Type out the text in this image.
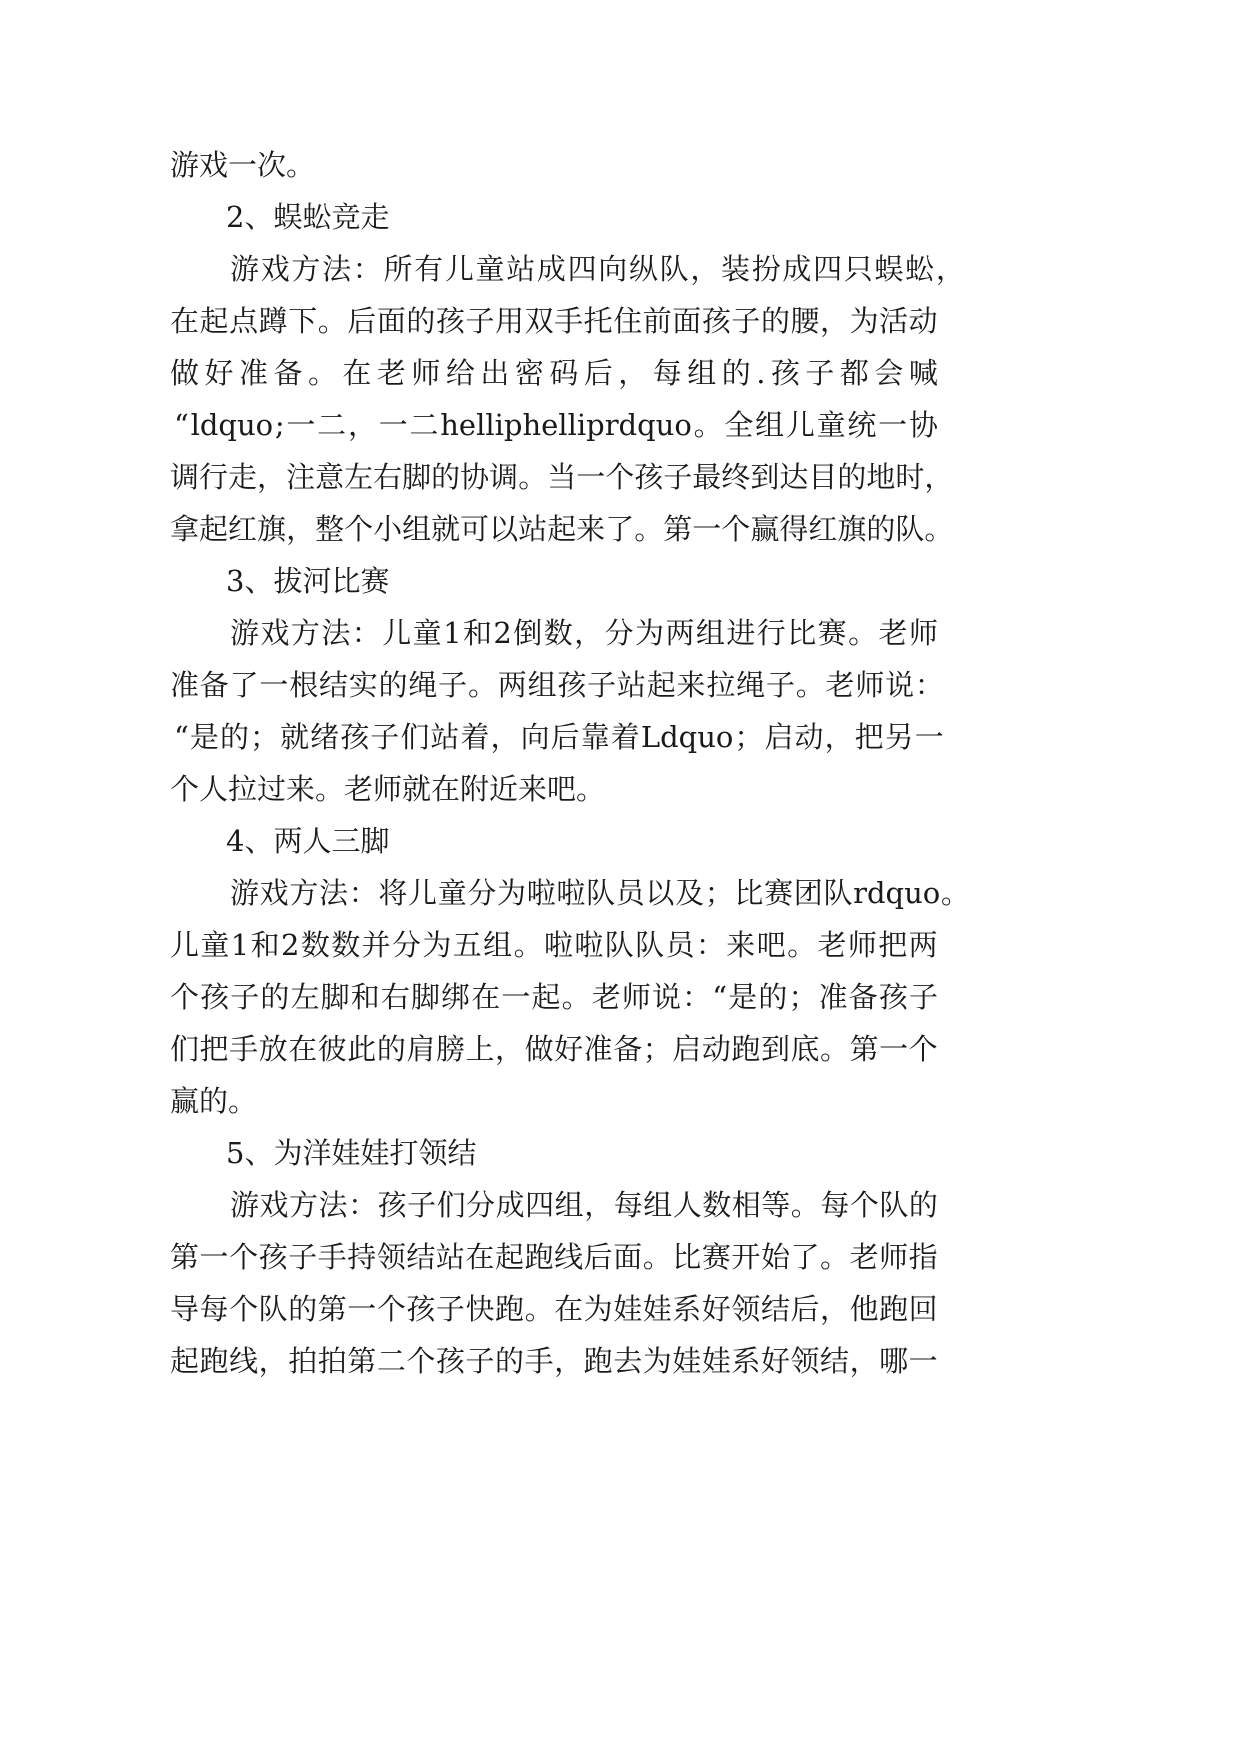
游戏一次。

2、蜈蚣竞走

游 戏 方 法 ： 所 有 儿 童 站 成 四 向 纵 队 ， 装 扮 成 四 只 蜈 蚣 ，

在 起 点 蹲 下 。 后 面 的 孩 子 用 双 手 托 住 前 面 孩 子 的 腰 ， 为 活 动

做 好 准 备 。 在 老 师 给 出 密 码 后 ， 每 组 的 . 孩 子 都 会 喊

“ ldquo ; 一 二 ， 一 二 helliphelliprdquo 。 全 组 儿 童 统 一 协

调 行 走 ， 注 意 左 右 脚 的 协 调 。 当 一 个 孩 子 最 终 到 达 目 的 地 时 ，

拿 起 红 旗 ， 整 个 小 组 就 可 以 站 起 来 了 。 第 一 个 赢 得 红 旗 的 队 。

3、拔河比赛

游 戏 方 法 ： 儿 童 1 和 2 倒 数 ， 分 为 两 组 进 行 比 赛 。 老 师

准 备 了 一 根 结 实 的 绳 子 。 两 组 孩 子 站 起 来 拉 绳 子 。 老 师 说 ：

“ 是 的 ； 就 绪 孩 子 们 站 着 ， 向 后 靠 着 Ldquo ； 启 动 ， 把 另 一

个人拉过来。老师就在附近来吧。

4、两人三脚

游 戏 方 法 ： 将 儿 童 分 为 啦 啦 队 员 以 及 ； 比 赛 团 队 rdquo 。

儿 童 1 和 2 数 数 并 分 为 五 组 。 啦 啦 队 队 员 ： 来 吧 。 老 师 把 两

个 孩 子 的 左 脚 和 右 脚 绑 在 一 起 。 老 师 说 ： “ 是 的 ； 准 备 孩 子

们 把 手 放 在 彼 此 的 肩 膀 上 ， 做 好 准 备 ； 启 动 跑 到 底 。 第 一 个

赢的。

5、为洋娃娃打领结

游 戏 方 法 ： 孩 子 们 分 成 四 组 ， 每 组 人 数 相 等 。 每 个 队 的

第 一 个 孩 子 手 持 领 结 站 在 起 跑 线 后 面 。 比 赛 开 始 了 。 老 师 指

导 每 个 队 的 第 一 个 孩 子 快 跑 。 在 为 娃 娃 系 好 领 结 后 ， 他 跑 回

起 跑 线 ， 拍 拍 第 二 个 孩 子 的 手 ， 跑 去 为 娃 娃 系 好 领 结 ， 哪 一
